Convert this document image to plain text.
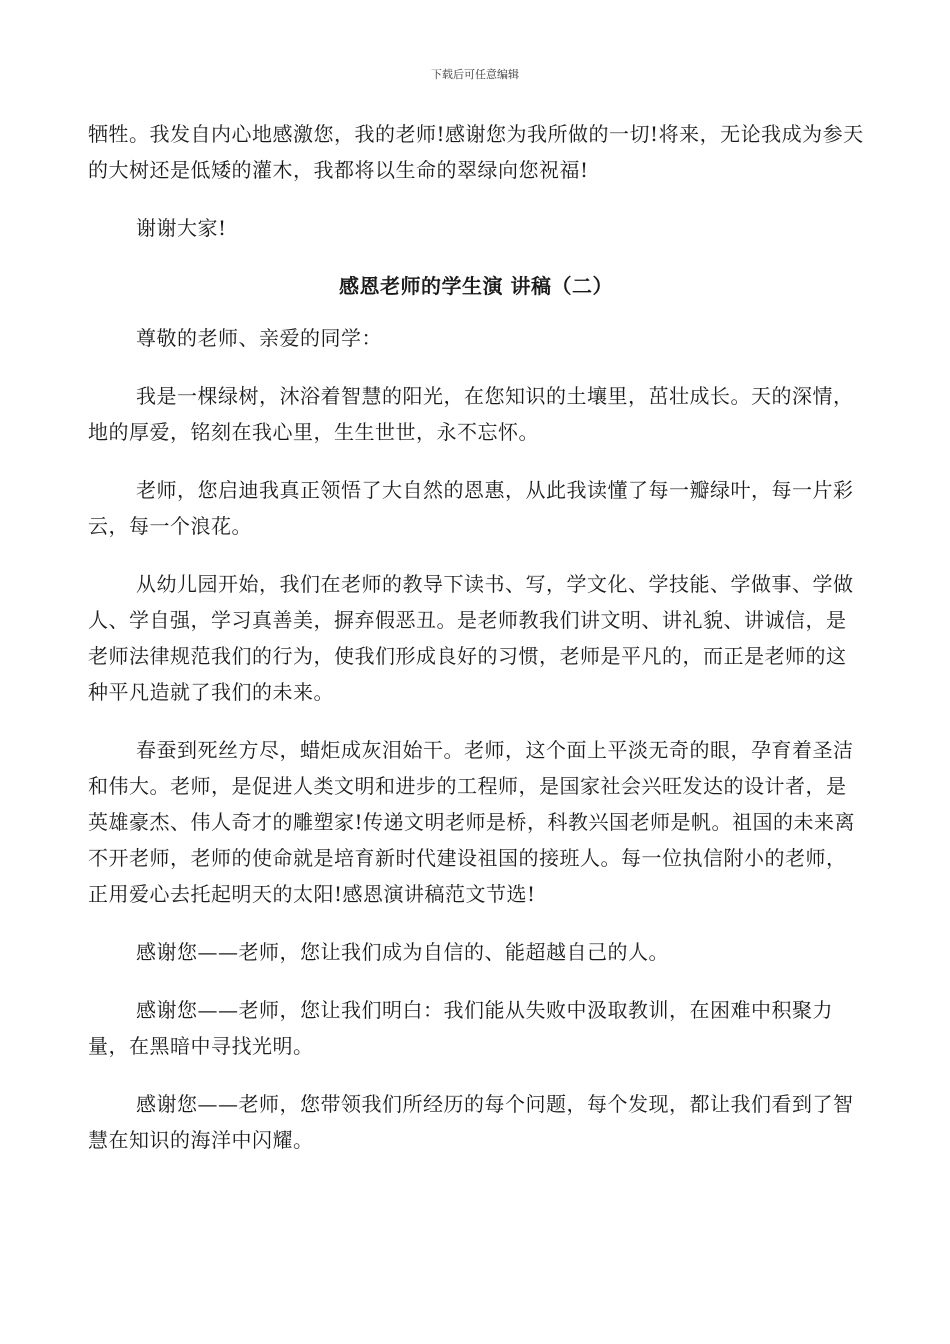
下载后可任意编辑

牺牲。我发自内心地感激您，我的老师!感谢您为我所做的一切!将来，无论我成为参天的大树还是低矮的灌木，我都将以生命的翠绿向您祝福!

谢谢大家!

感恩老师的学生演 讲稿（二）

尊敬的老师、亲爱的同学：

我是一棵绿树，沐浴着智慧的阳光，在您知识的土壤里，茁壮成长。天的深情，地的厚爱，铭刻在我心里，生生世世，永不忘怀。

老师，您启迪我真正领悟了大自然的恩惠，从此我读懂了每一瓣绿叶，每一片彩云，每一个浪花。

从幼儿园开始，我们在老师的教导下读书、写，学文化、学技能、学做事、学做人、学自强，学习真善美，摒弃假恶丑。是老师教我们讲文明、讲礼貌、讲诚信，是老师法律规范我们的行为，使我们形成良好的习惯，老师是平凡的，而正是老师的这种平凡造就了我们的未来。

春蚕到死丝方尽，蜡炬成灰泪始干。老师，这个面上平淡无奇的眼，孕育着圣洁和伟大。老师，是促进人类文明和进步的工程师，是国家社会兴旺发达的设计者，是英雄豪杰、伟人奇才的雕塑家!传递文明老师是桥，科教兴国老师是帆。祖国的未来离不开老师，老师的使命就是培育新时代建设祖国的接班人。每一位执信附小的老师，正用爱心去托起明天的太阳!感恩演讲稿范文节选!

感谢您——老师，您让我们成为自信的、能超越自己的人。

感谢您——老师，您让我们明白：我们能从失败中汲取教训，在困难中积聚力量，在黑暗中寻找光明。

感谢您——老师，您带领我们所经历的每个问题，每个发现，都让我们看到了智慧在知识的海洋中闪耀。
